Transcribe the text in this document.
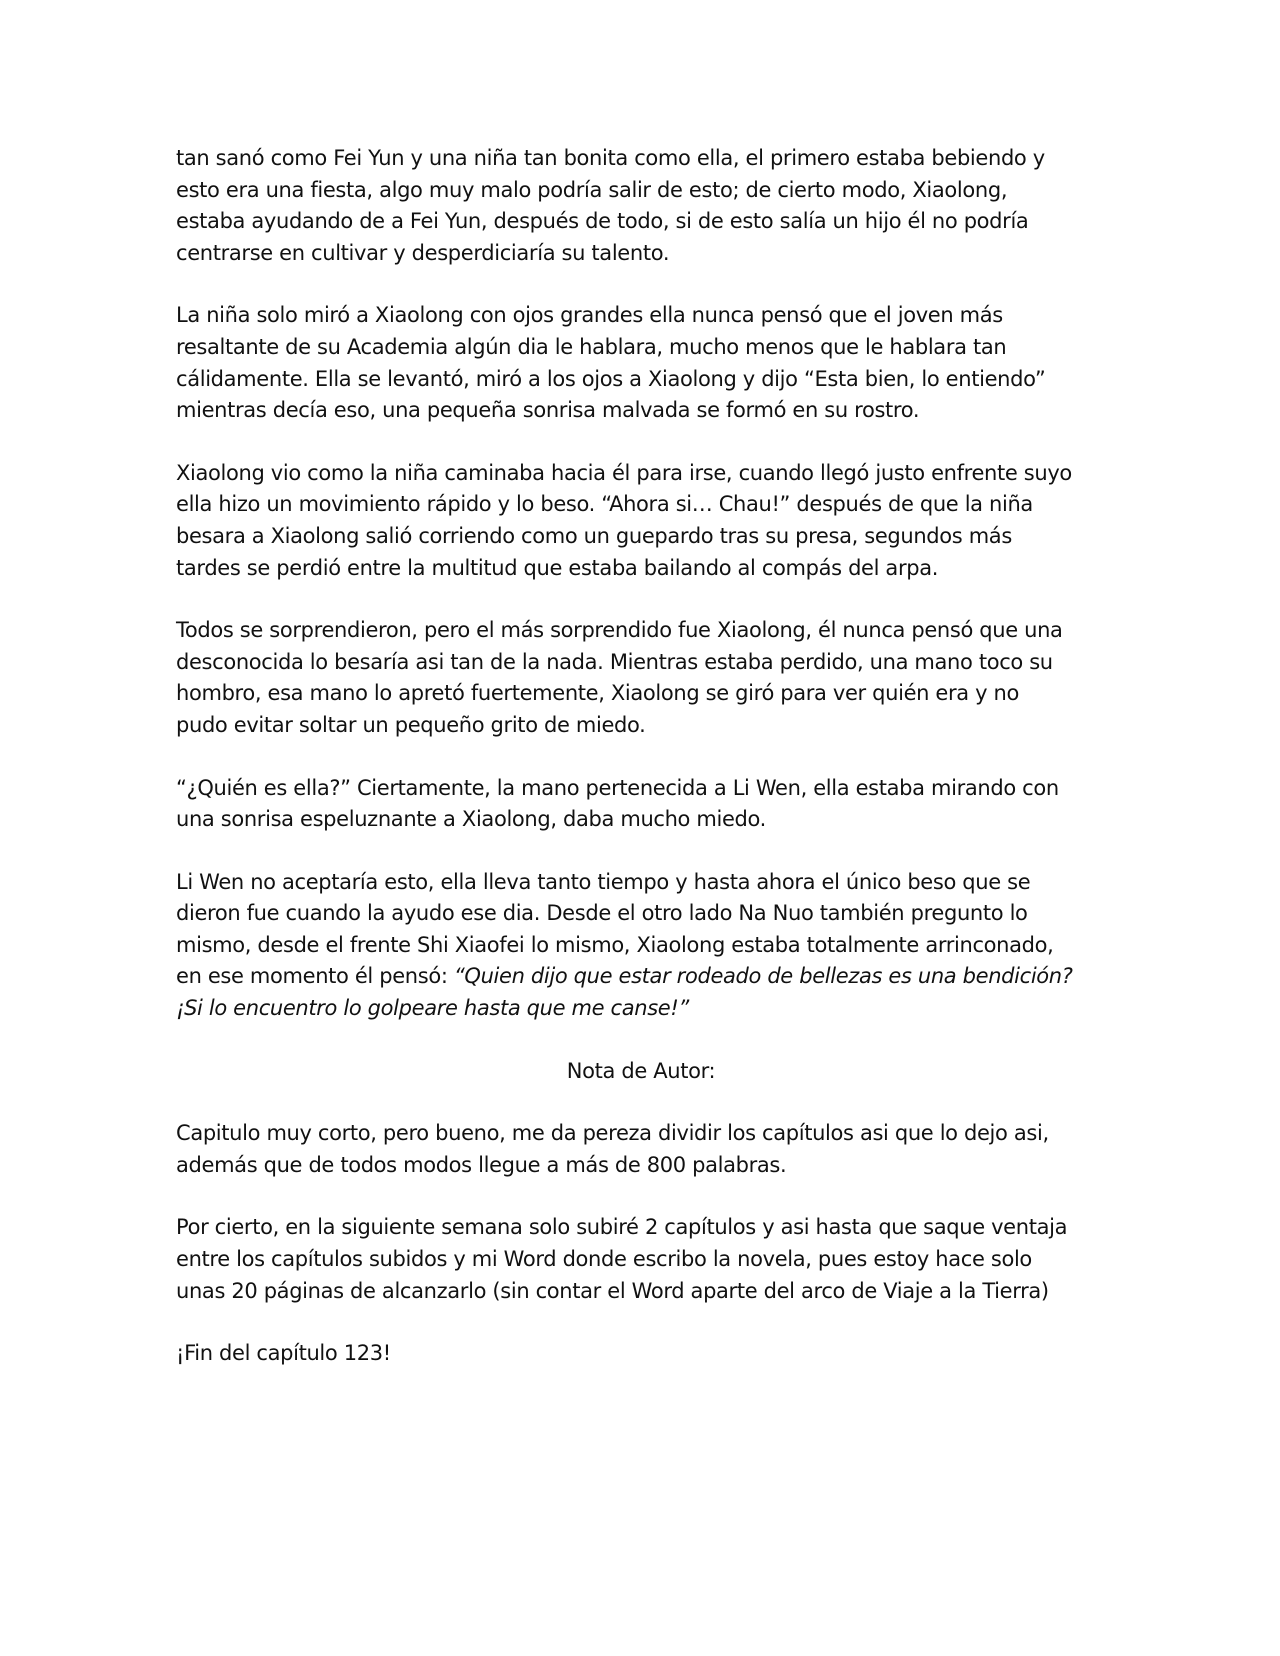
tan sanó como Fei Yun y una niña tan bonita como ella, el primero estaba bebiendo y
esto era una fiesta, algo muy malo podría salir de esto; de cierto modo, Xiaolong,
estaba ayudando de a Fei Yun, después de todo, si de esto salía un hijo él no podría
centrarse en cultivar y desperdiciaría su talento.

La niña solo miró a Xiaolong con ojos grandes ella nunca pensó que el joven más
resaltante de su Academia algún dia le hablara, mucho menos que le hablara tan
cálidamente. Ella se levantó, miró a los ojos a Xiaolong y dijo “Esta bien, lo entiendo”
mientras decía eso, una pequeña sonrisa malvada se formó en su rostro.

Xiaolong vio como la niña caminaba hacia él para irse, cuando llegó justo enfrente suyo
ella hizo un movimiento rápido y lo beso. “Ahora si… Chau!” después de que la niña
besara a Xiaolong salió corriendo como un guepardo tras su presa, segundos más
tardes se perdió entre la multitud que estaba bailando al compás del arpa.

Todos se sorprendieron, pero el más sorprendido fue Xiaolong, él nunca pensó que una
desconocida lo besaría asi tan de la nada. Mientras estaba perdido, una mano toco su
hombro, esa mano lo apretó fuertemente, Xiaolong se giró para ver quién era y no
pudo evitar soltar un pequeño grito de miedo.

“¿Quién es ella?” Ciertamente, la mano pertenecida a Li Wen, ella estaba mirando con
una sonrisa espeluznante a Xiaolong, daba mucho miedo.

Li Wen no aceptaría esto, ella lleva tanto tiempo y hasta ahora el único beso que se
dieron fue cuando la ayudo ese dia. Desde el otro lado Na Nuo también pregunto lo
mismo, desde el frente Shi Xiaofei lo mismo, Xiaolong estaba totalmente arrinconado,
en ese momento él pensó: “Quien dijo que estar rodeado de bellezas es una bendición?
¡Si lo encuentro lo golpeare hasta que me canse!”

Nota de Autor:

Capitulo muy corto, pero bueno, me da pereza dividir los capítulos asi que lo dejo asi,
además que de todos modos llegue a más de 800 palabras.

Por cierto, en la siguiente semana solo subiré 2 capítulos y asi hasta que saque ventaja
entre los capítulos subidos y mi Word donde escribo la novela, pues estoy hace solo
unas 20 páginas de alcanzarlo (sin contar el Word aparte del arco de Viaje a la Tierra)

¡Fin del capítulo 123!
